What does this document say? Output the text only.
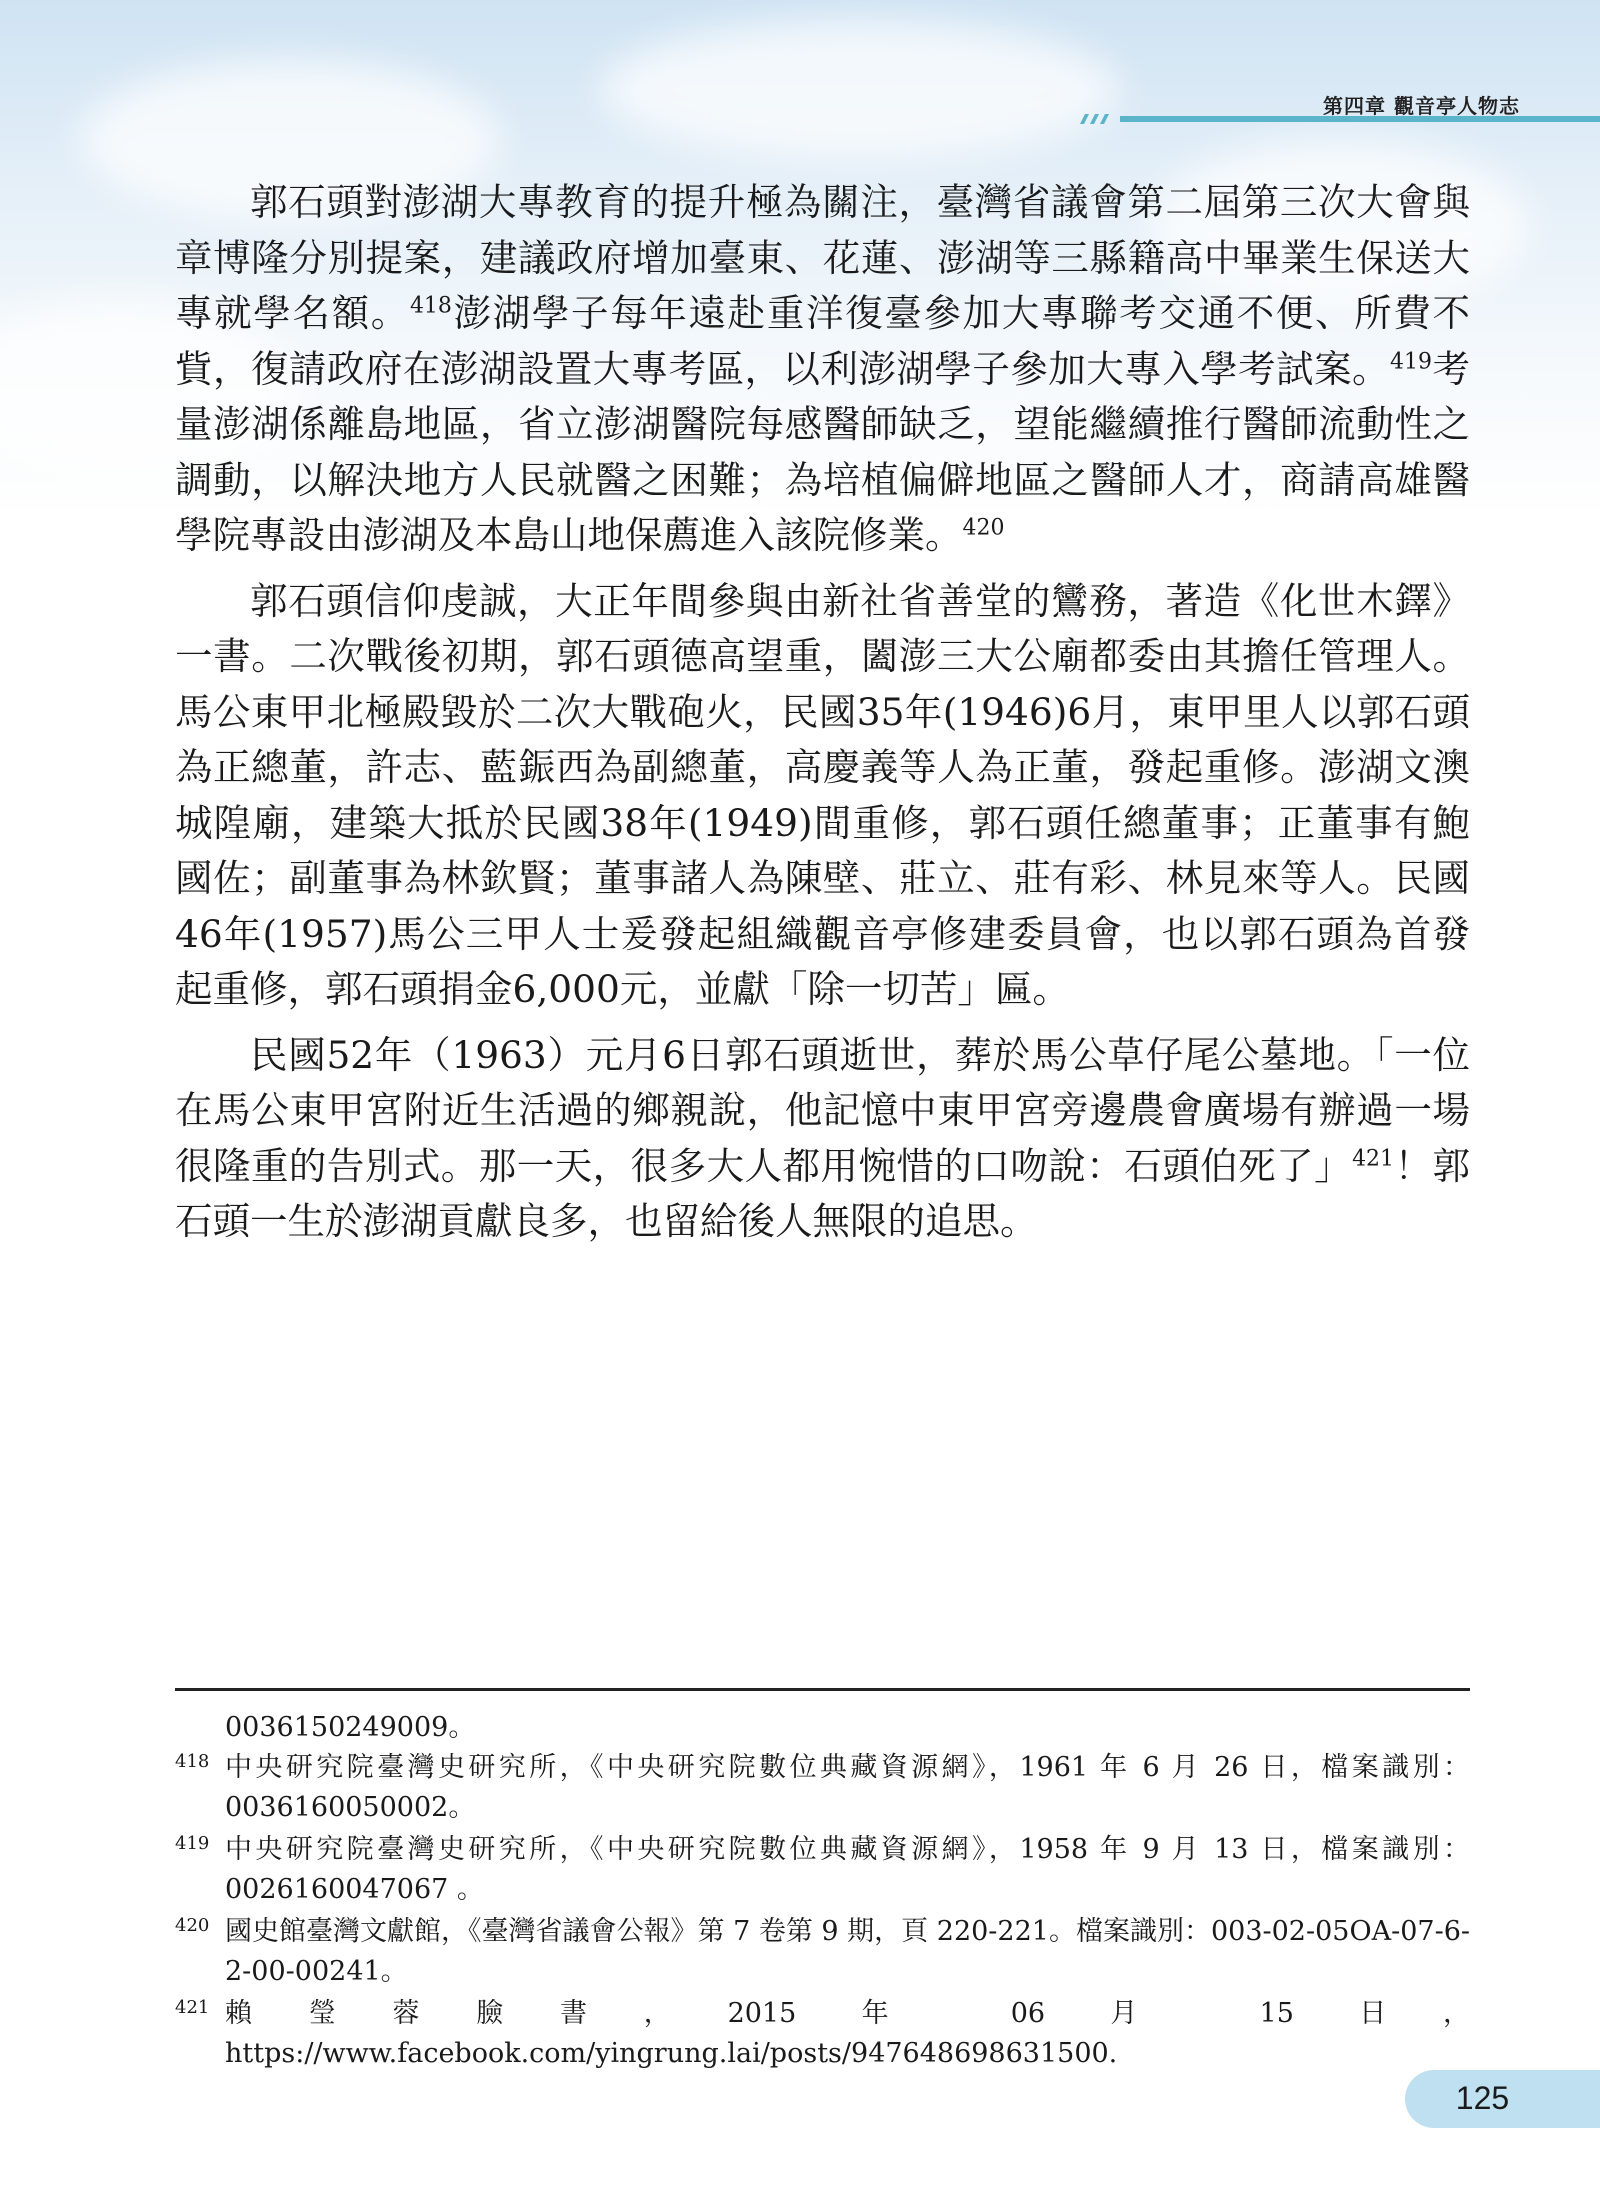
第四章 觀音亭人物志

郭石頭對澎湖大專教育的提升極為關注，臺灣省議會第二屆第三次大會與章博隆分別提案，建議政府增加臺東、花蓮、澎湖等三縣籍高中畢業生保送大專就學名額。$^{418}$澎湖學子每年遠赴重洋復臺參加大專聯考交通不便、所費不貲，復請政府在澎湖設置大專考區，以利澎湖學子參加大專入學考試案。$^{419}$考量澎湖係離島地區，省立澎湖醫院每感醫師缺乏，望能繼續推行醫師流動性之調動，以解決地方人民就醫之困難；為培植偏僻地區之醫師人才，商請高雄醫學院專設由澎湖及本島山地保薦進入該院修業。$^{420}$

郭石頭信仰虔誠，大正年間參與由新社省善堂的鸞務，著造《化世木鐸》一書。二次戰後初期，郭石頭德高望重，闔澎三大公廟都委由其擔任管理人。馬公東甲北極殿毀於二次大戰砲火，民國35年(1946)6月，東甲里人以郭石頭為正總董，許志、藍鋠西為副總董，高慶義等人為正董，發起重修。澎湖文澳城隍廟，建築大抵於民國38年(1949)間重修，郭石頭任總董事；正董事有鮑國佐；副董事為林欽賢；董事諸人為陳壁、莊立、莊有彩、林見來等人。民國46年(1957)馬公三甲人士爰發起組織觀音亭修建委員會，也以郭石頭為首發起重修，郭石頭捐金6,000元，並獻「除一切苦」匾。

民國52年（1963）元月6日郭石頭逝世，葬於馬公草仔尾公墓地。「一位在馬公東甲宮附近生活過的鄉親說，他記憶中東甲宮旁邊農會廣場有辦過一場很隆重的告別式。那一天，很多大人都用惋惜的口吻說：石頭伯死了」$^{421}$！郭石頭一生於澎湖貢獻良多，也留給後人無限的追思。

0036150249009。
418 中央研究院臺灣史研究所，《中央研究院數位典藏資源網》，1961 年 6 月 26 日，檔案識別：0036160050002。
419 中央研究院臺灣史研究所，《中央研究院數位典藏資源網》，1958 年 9 月 13 日，檔案識別：0026160047067 。
420 國史館臺灣文獻館，《臺灣省議會公報》第 7 卷第 9 期，頁 220-221。檔案識別：003-02-05OA-07-6-2-00-00241。
421 賴瑩蓉臉書，2015 年 06 月 15 日，https://www.facebook.com/yingrung.lai/posts/947648698631500.
125
